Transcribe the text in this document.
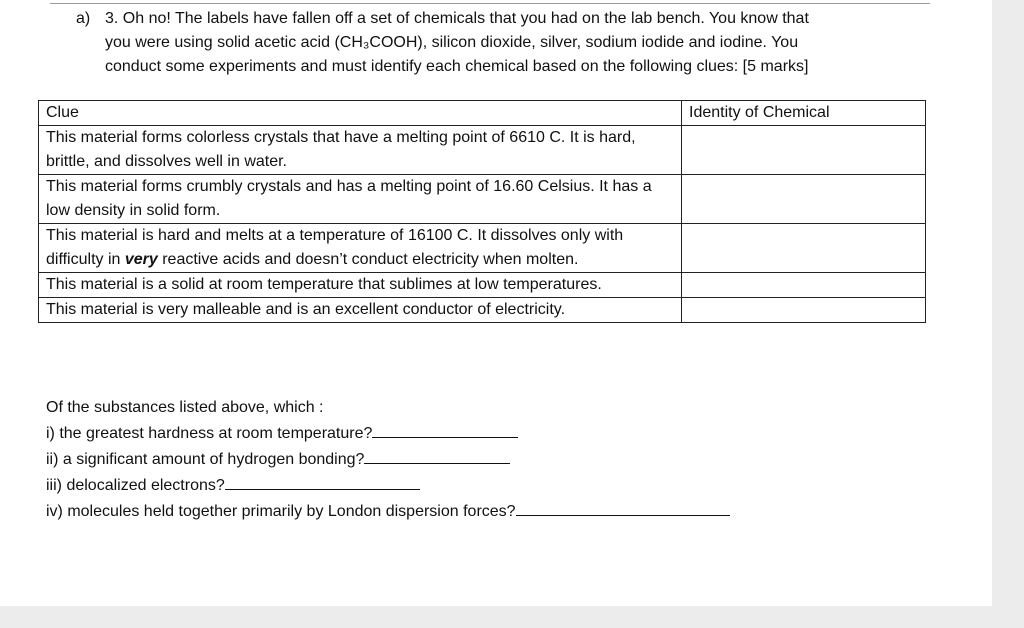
a) 3. Oh no! The labels have fallen off a set of chemicals that you had on the lab bench. You know that
you were using solid acetic acid (CH₃COOH), silicon dioxide, silver, sodium iodide and iodine. You
conduct some experiments and must identify each chemical based on the following clues: [5 marks]
Clue	Identity of Chemical
This material forms colorless crystals that have a melting point of 6610 C. It is hard, brittle, and dissolves well in water.	
This material forms crumbly crystals and has a melting point of 16.60 Celsius. It has a low density in solid form.	
This material is hard and melts at a temperature of 16100 C. It dissolves only with difficulty in very reactive acids and doesn’t conduct electricity when molten.	
This material is a solid at room temperature that sublimes at low temperatures.	
This material is very malleable and is an excellent conductor of electricity.	
Of the substances listed above, which :
i) the greatest hardness at room temperature?
ii) a significant amount of hydrogen bonding?
iii) delocalized electrons?
iv) molecules held together primarily by London dispersion forces?
